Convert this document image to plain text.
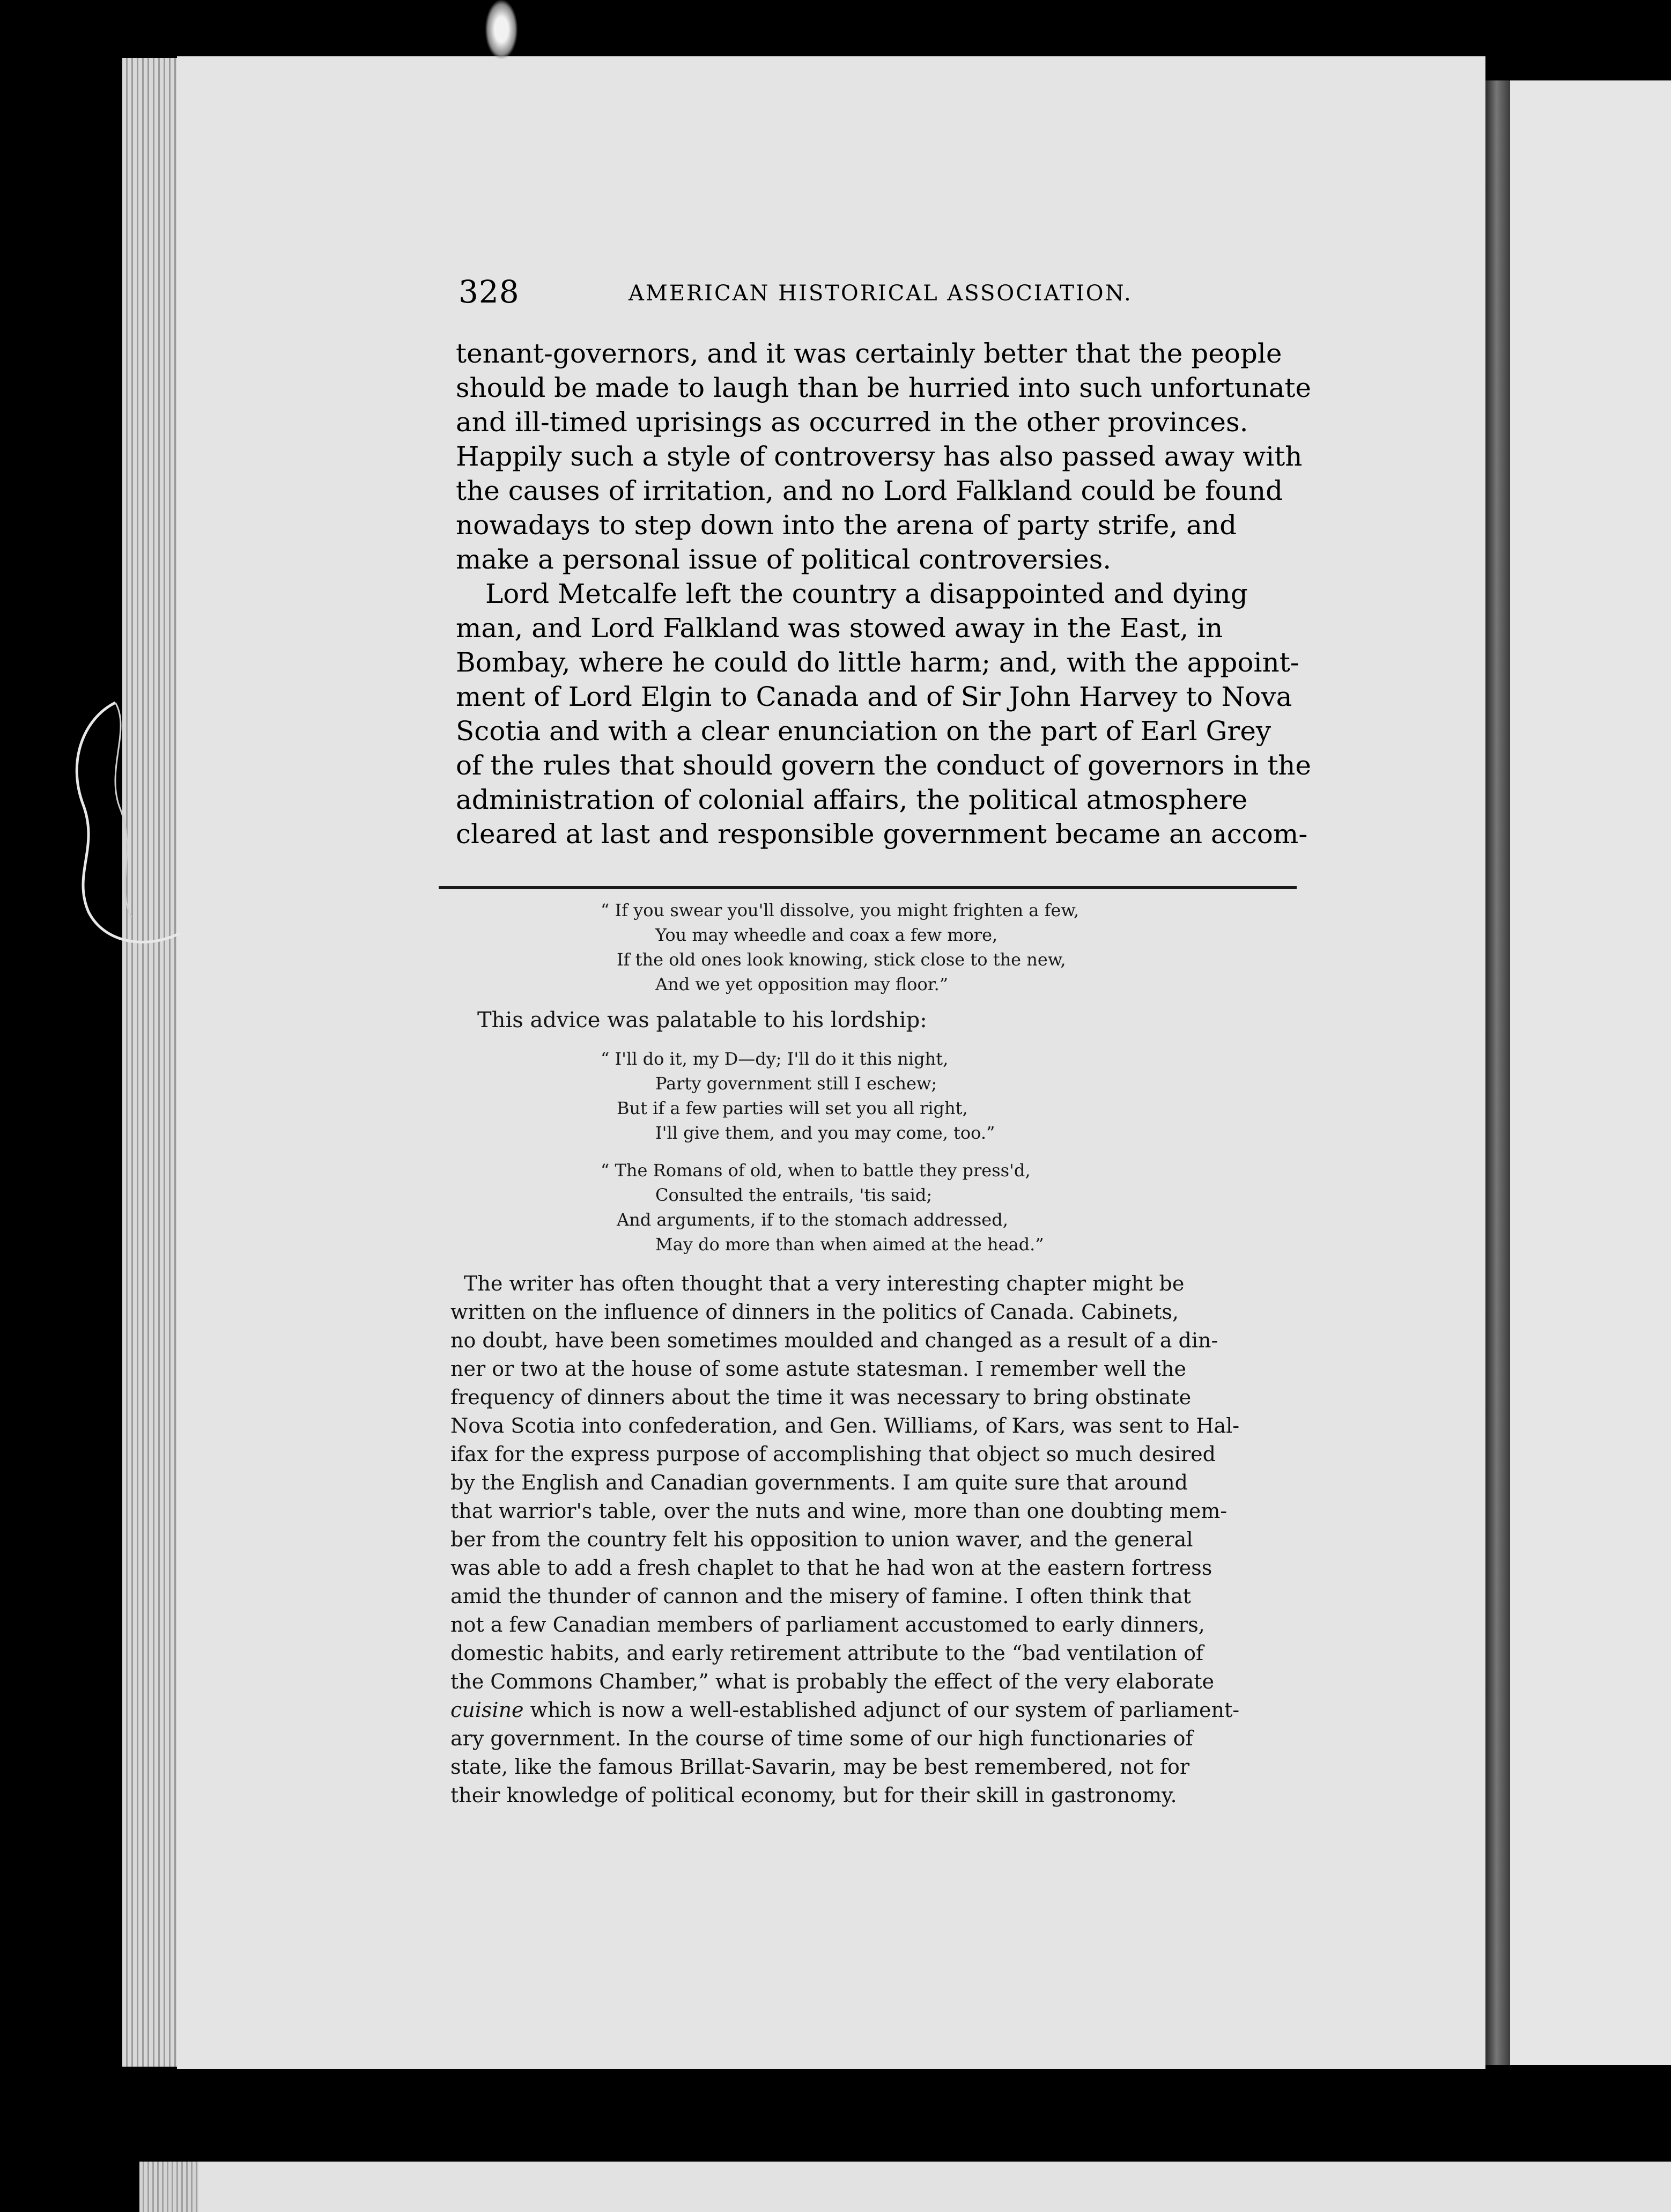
328	AMERICAN HISTORICAL ASSOCIATION.
tenant-governors, and it was certainly better that the people
should be made to laugh than be hurried into such unfortunate
and ill-timed uprisings as occurred in the other provinces.
Happily such a style of controversy has also passed away with
the causes of irritation, and no Lord Falkland could be found
nowadays to step down into the arena of party strife, and
make a personal issue of political controversies.
Lord Metcalfe left the country a disappointed and dying
man, and Lord Falkland was stowed away in the East, in
Bombay, where he could do little harm; and, with the appoint-
ment of Lord Elgin to Canada and of Sir John Harvey to Nova
Scotia and with a clear enunciation on the part of Earl Grey
of the rules that should govern the conduct of governors in the
administration of colonial affairs, the political atmosphere
cleared at last and responsible government became an accom-
“ If you swear you'll dissolve, you might frighten a few,
You may wheedle and coax a few more,
If the old ones look knowing, stick close to the new,
And we yet opposition may floor.”
This advice was palatable to his lordship:
“ I'll do it, my D—dy; I'll do it this night,
Party government still I eschew;
But if a few parties will set you all right,
I'll give them, and you may come, too.”
“ The Romans of old, when to battle they press'd,
Consulted the entrails, 'tis said;
And arguments, if to the stomach addressed,
May do more than when aimed at the head.”
The writer has often thought that a very interesting chapter might be
written on the influence of dinners in the politics of Canada. Cabinets,
no doubt, have been sometimes moulded and changed as a result of a din-
ner or two at the house of some astute statesman. I remember well the
frequency of dinners about the time it was necessary to bring obstinate
Nova Scotia into confederation, and Gen. Williams, of Kars, was sent to Hal-
ifax for the express purpose of accomplishing that object so much desired
by the English and Canadian governments. I am quite sure that around
that warrior's table, over the nuts and wine, more than one doubting mem-
ber from the country felt his opposition to union waver, and the general
was able to add a fresh chaplet to that he had won at the eastern fortress
amid the thunder of cannon and the misery of famine. I often think that
not a few Canadian members of parliament accustomed to early dinners,
domestic habits, and early retirement attribute to the “bad ventilation of
the Commons Chamber,” what is probably the effect of the very elaborate
cuisine which is now a well-established adjunct of our system of parliament-
ary government. In the course of time some of our high functionaries of
state, like the famous Brillat-Savarin, may be best remembered, not for
their knowledge of political economy, but for their skill in gastronomy.
